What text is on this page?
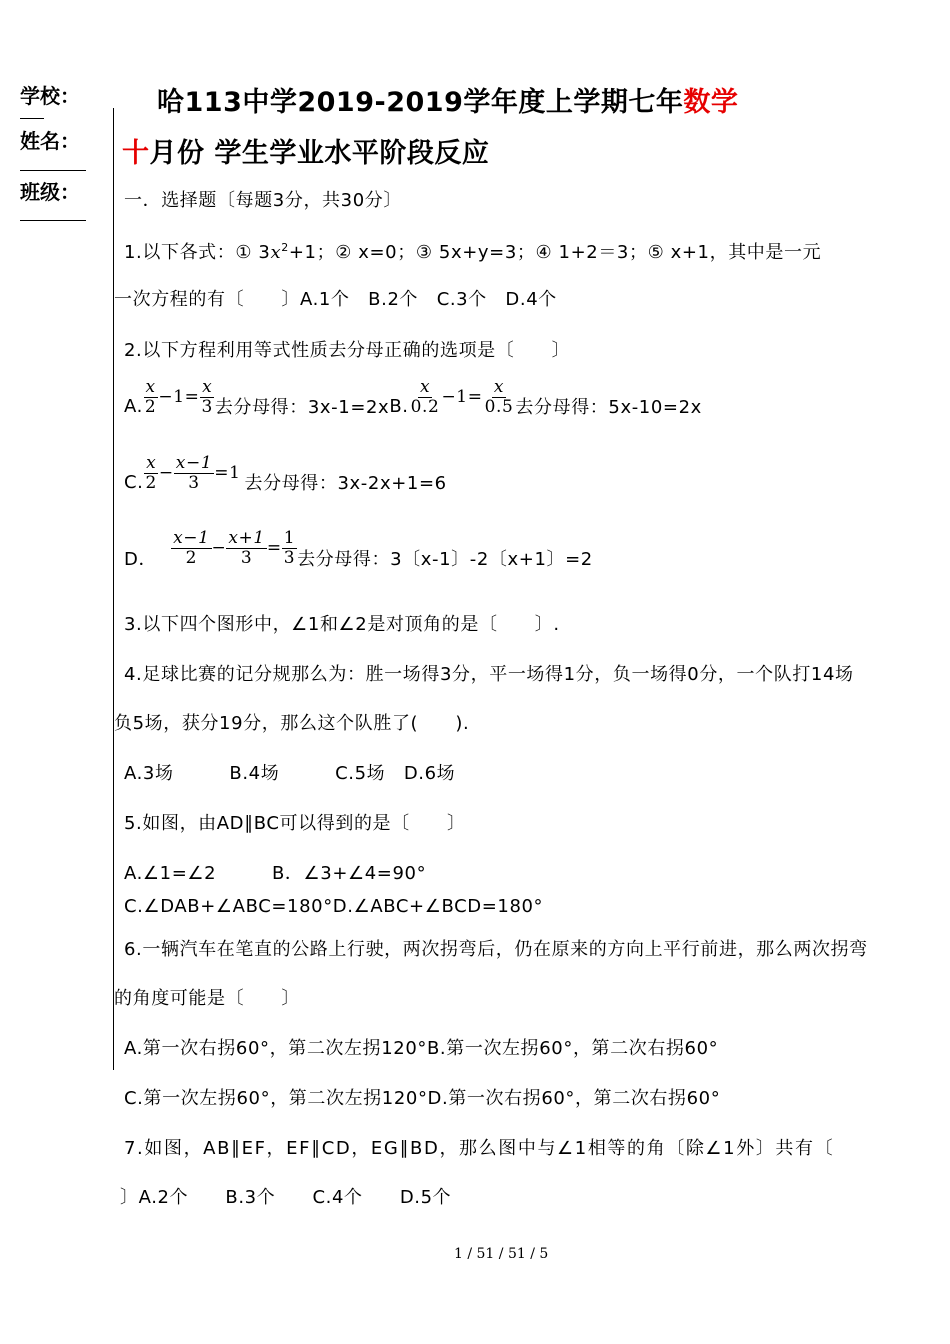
学校：
姓名：
班级：
哈113中学2019-2019学年度上学期七年数学
十月份 学生学业水平阶段反应
一．选择题〔每题3分，共30分〕
1.以下各式：① $3x^2+1$；② x=0；③ 5x+y=3；④ 1+2＝3；⑤ x+1，其中是一元
一次方程的有〔　　〕A.1个　B.2个　C.3个　D.4个
2.以下方程利用等式性质去分母正确的选项是〔　　〕
A. $\frac{x}{2} -1= \frac{x}{3}$ 去分母得：3x-1=2x B. $\frac{x}{0.2} -1= \frac{x}{0.5}$ 去分母得：5x-10=2x
C. $\frac{x}{2} - \frac{x-1}{3} =1$ 去分母得：3x-2x+1=6
D． $\frac{x-1}{2} - \frac{x+1}{3} = \frac{1}{3}$ 去分母得：3〔x-1〕-2〔x+1〕=2
3.以下四个图形中，∠1和∠2是对顶角的是〔　　〕.
4.足球比赛的记分规那么为：胜一场得3分，平一场得1分，负一场得0分，一个队打14场
负5场，获分19分，那么这个队胜了(　　).
A.3场　　　B.4场　　　C.5场　D.6场
5.如图，由AD∥BC可以得到的是〔　　〕
A.∠1=∠2　　　B．∠3+∠4=90°
C.∠DAB+∠ABC=180°D.∠ABC+∠BCD=180°
6.一辆汽车在笔直的公路上行驶，两次拐弯后，仍在原来的方向上平行前进，那么两次拐弯
的角度可能是〔　　〕
A.第一次右拐60°，第二次左拐120°B.第一次左拐60°，第二次右拐60°
C.第一次左拐60°，第二次左拐120°D.第一次右拐60°，第二次右拐60°
7.如图，AB∥EF，EF∥CD，EG∥BD，那么图中与∠1相等的角〔除∠1外〕共有〔
〕A.2个　　B.3个　　C.4个　　D.5个
1 / 51 / 51 / 5
